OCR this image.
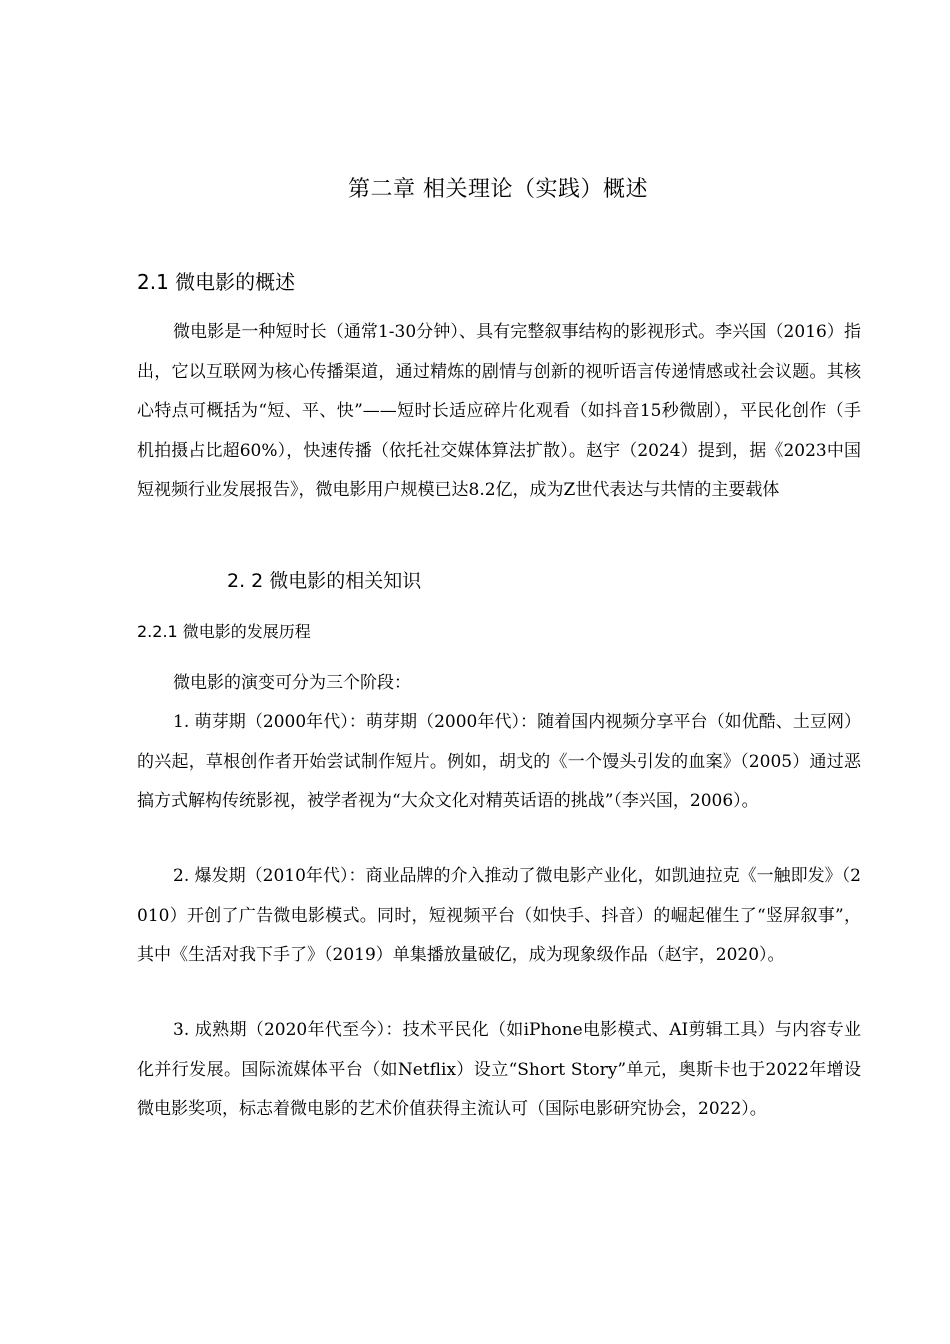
第二章 相关理论（实践）概述
2.1 微电影的概述

微电影是一种短时长（通常1-30分钟）、具有完整叙事结构的影视形式。李兴国（2016）指出，它以互联网为核心传播渠道，通过精炼的剧情与创新的视听语言传递情感或社会议题。其核心特点可概括为“短、平、快”——短时长适应碎片化观看（如抖音15秒微剧），平民化创作（手机拍摄占比超60%），快速传播（依托社交媒体算法扩散）。赵宇（2024）提到，据《2023中国短视频行业发展报告》，微电影用户规模已达8.2亿，成为Z世代表达与共情的主要载体

2. 2 微电影的相关知识
2.2.1 微电影的发展历程

微电影的演变可分为三个阶段：

1. 萌芽期（2000年代）：萌芽期（2000年代）：随着国内视频分享平台（如优酷、土豆网）的兴起，草根创作者开始尝试制作短片。例如，胡戈的《一个馒头引发的血案》（2005）通过恶搞方式解构传统影视，被学者视为“大众文化对精英话语的挑战”（李兴国，2006）。

2. 爆发期（2010年代）：商业品牌的介入推动了微电影产业化，如凯迪拉克《一触即发》（2010）开创了广告微电影模式。同时，短视频平台（如快手、抖音）的崛起催生了“竖屏叙事”，其中《生活对我下手了》（2019）单集播放量破亿，成为现象级作品（赵宇，2020）。

3. 成熟期（2020年代至今）：技术平民化（如iPhone电影模式、AI剪辑工具）与内容专业化并行发展。国际流媒体平台（如Netflix）设立“Short Story”单元，奥斯卡也于2022年增设微电影奖项，标志着微电影的艺术价值获得主流认可（国际电影研究协会，2022）。
